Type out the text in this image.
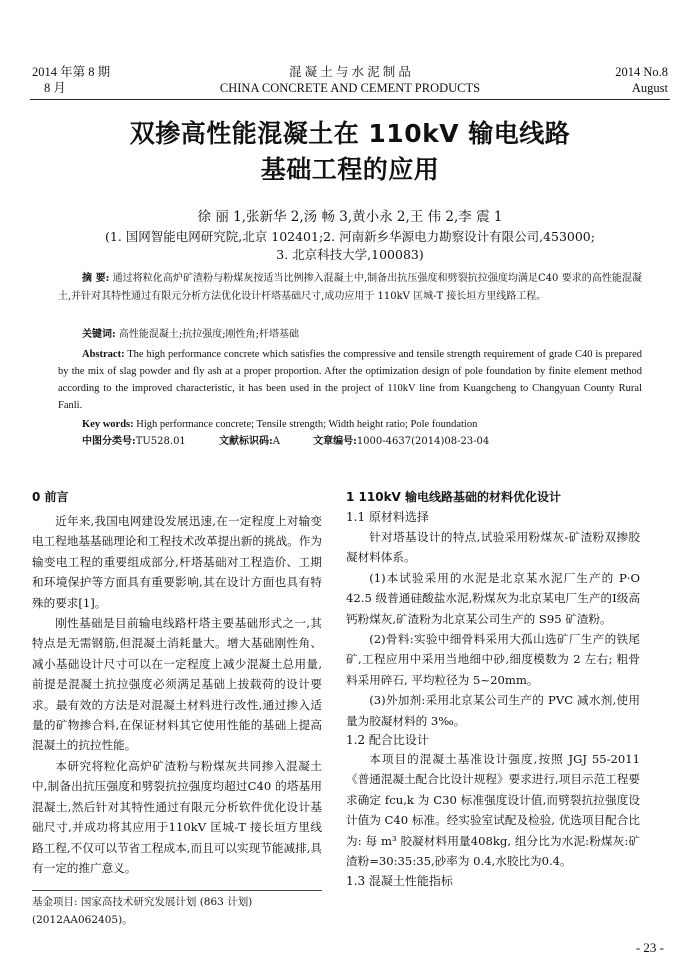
2014 年第 8 期
8 月
混 凝 土 与 水 泥 制 品
CHINA CONCRETE AND CEMENT PRODUCTS
2014 No.8
August
双掺高性能混凝土在 110kV 输电线路
基础工程的应用
徐 丽 1,张新华 2,汤 畅 3,黄小永 2,王 伟 2,李 震 1
(1. 国网智能电网研究院,北京 102401;2. 河南新乡华源电力勘察设计有限公司,453000;
3. 北京科技大学,100083)
摘 要: 通过将粒化高炉矿渣粉与粉煤灰按适当比例掺入混凝土中,制备出抗压强度和劈裂抗拉强度均满足C40 要求的高性能混凝土,并针对其特性通过有限元分析方法优化设计杆塔基础尺寸,成功应用于 110kV 匡城-T 接长垣方里线路工程。
关键词: 高性能混凝土;抗拉强度;刚性角;杆塔基础
Abstract: The high performance concrete which satisfies the compressive and tensile strength requirement of grade C40 is prepared by the mix of slag powder and fly ash at a proper proportion. After the optimization design of pole foundation by finite element method according to the improved characteristic, it has been used in the project of 110kV line from Kuangcheng to Changyuan County Rural Fanli.
Key words: High performance concrete; Tensile strength; Width height ratio; Pole foundation
中图分类号:TU528.01	文献标识码:A	文章编号:1000-4637(2014)08-23-04
0 前言

近年来,我国电网建设发展迅速,在一定程度上对输变电工程地基基础理论和工程技术改革提出新的挑战。作为输变电工程的重要组成部分,杆塔基础对工程造价、工期和环境保护等方面具有重要影响,其在设计方面也具有特殊的要求[1]。

刚性基础是目前输电线路杆塔主要基础形式之一,其特点是无需钢筋,但混凝土消耗量大。增大基础刚性角、减小基础设计尺寸可以在一定程度上减少混凝土总用量,前提是混凝土抗拉强度必须满足基础上拔载荷的设计要求。最有效的方法是对混凝土材料进行改性,通过掺入适量的矿物掺合料,在保证材料其它使用性能的基础上提高混凝土的抗拉性能。

本研究将粒化高炉矿渣粉与粉煤灰共同掺入混凝土中,制备出抗压强度和劈裂抗拉强度均超过C40 的塔基用混凝土,然后针对其特性通过有限元分析软件优化设计基础尺寸,并成功将其应用于110kV 匡城-T 接长垣方里线路工程,不仅可以节省工程成本,而且可以实现节能减排,具有一定的推广意义。

基金项目: 国家高技术研究发展计划 (863 计划) (2012AA062405)。
1 110kV 输电线路基础的材料优化设计
1.1 原材料选择

针对塔基设计的特点,试验采用粉煤灰-矿渣粉双掺胶凝材料体系。

(1)本试验采用的水泥是北京某水泥厂生产的 P·O 42.5 级普通硅酸盐水泥,粉煤灰为北京某电厂生产的Ⅰ级高钙粉煤灰,矿渣粉为北京某公司生产的 S95 矿渣粉。

(2)骨料:实验中细骨料采用大孤山选矿厂生产的铁尾矿,工程应用中采用当地细中砂,细度模数为 2 左右; 粗骨料采用碎石, 平均粒径为 5~20mm。

(3)外加剂:采用北京某公司生产的 PVC 减水剂,使用量为胶凝材料的 3‰。

1.2 配合比设计

本项目的混凝土基准设计强度,按照 JGJ 55-2011《普通混凝土配合比设计规程》要求进行,项目示范工程要求确定 fcu,k 为 C30 标准强度设计值,而劈裂抗拉强度设计值为 C40 标准。经实验室试配及检验, 优选项目配合比为: 每 m³ 胶凝材料用量408kg, 组分比为水泥:粉煤灰:矿渣粉=30:35:35,砂率为 0.4,水胶比为0.4。

1.3 混凝土性能指标
- 23 -
